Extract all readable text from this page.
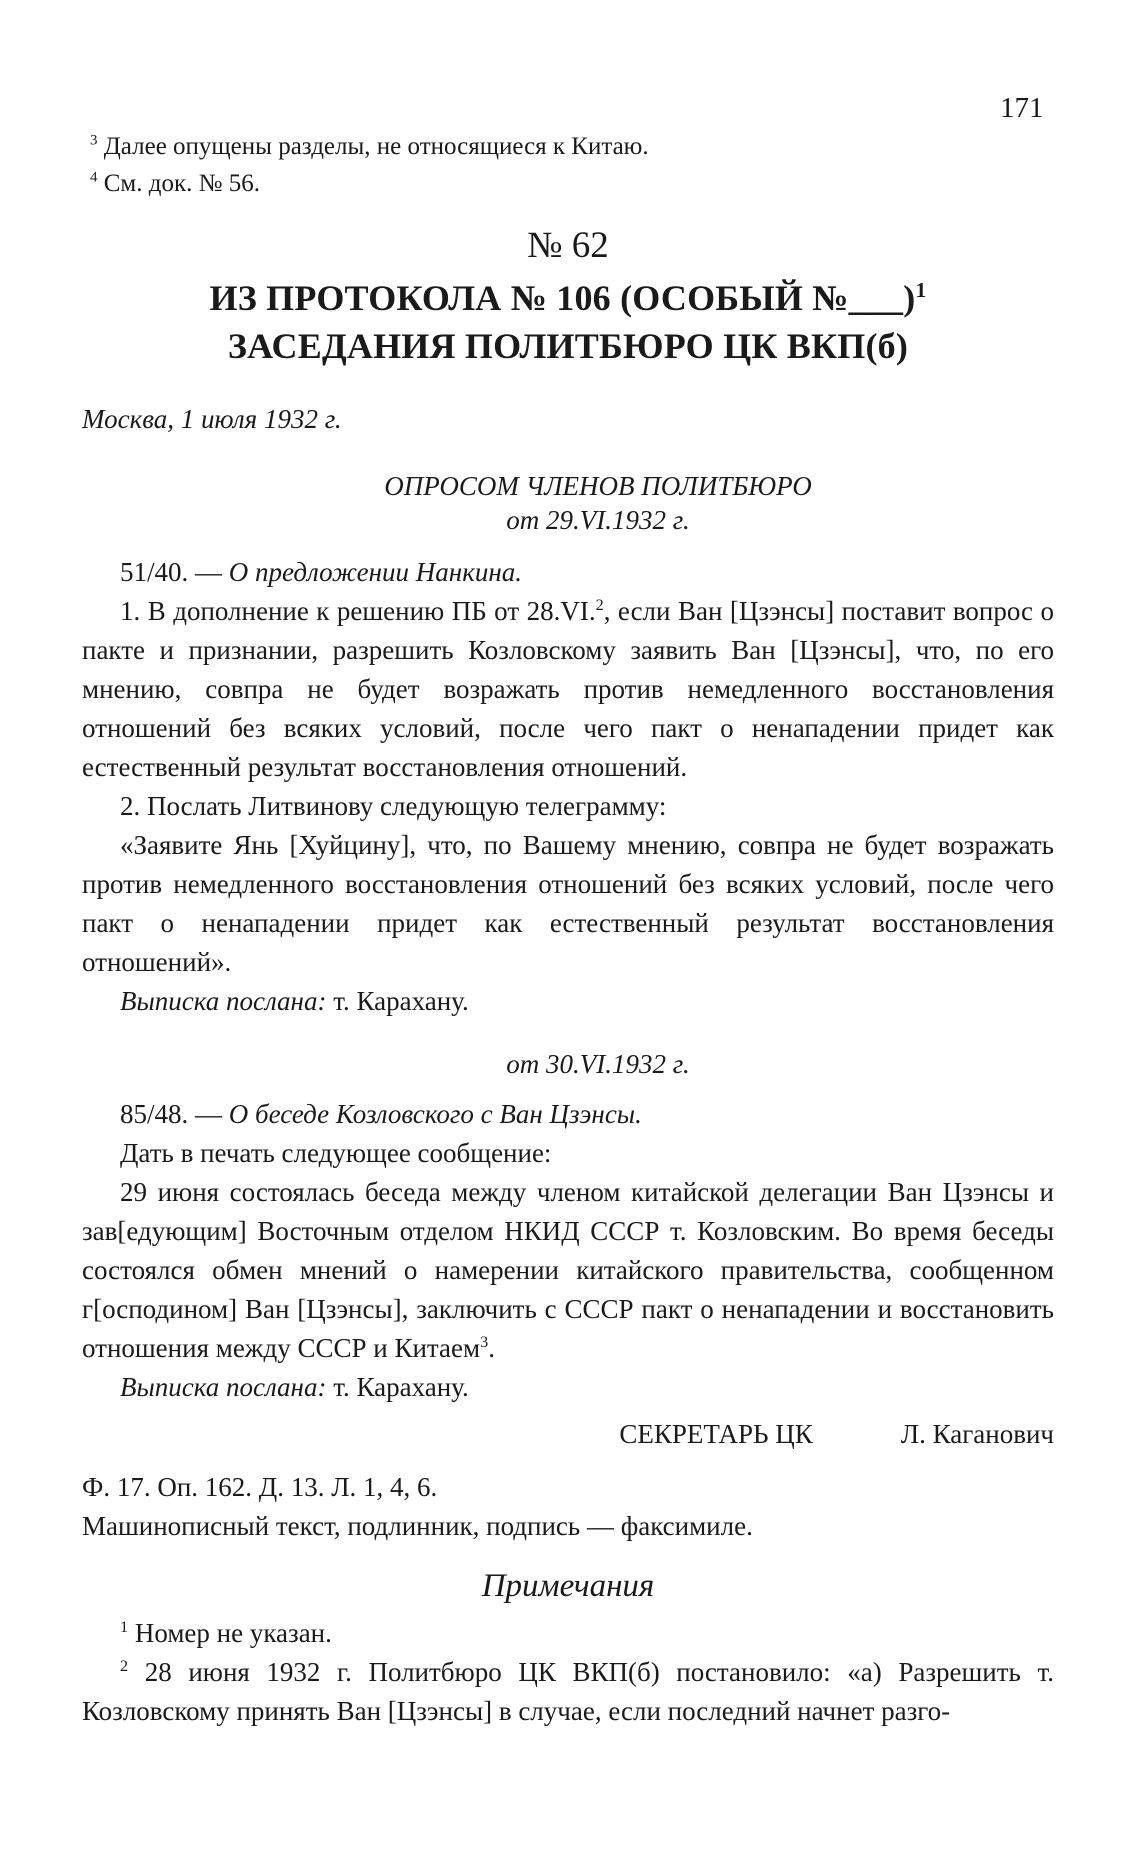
171

$^3$ Далее опущены разделы, не относящиеся к Китаю.

$^4$ См. док. № 56.

№ 62

ИЗ ПРОТОКОЛА № 106 (ОСОБЫЙ №___)$^1$
ЗАСЕДАНИЯ ПОЛИТБЮРО ЦК ВКП(б)

Москва, 1 июля 1932 г.

ОПРОСОМ ЧЛЕНОВ ПОЛИТБЮРО

от 29.VI.1932 г.

51/40. — О предложении Нанкина.

1. В дополнение к решению ПБ от 28.VI.$^2$, если Ван [Цзэнсы] поставит вопрос о пакте и признании, разрешить Козловскому заявить Ван [Цзэнсы], что, по его мнению, совпра не будет возражать против немедленного восстановления отношений без всяких условий, после чего пакт о ненападении придет как естественный результат восстановления отношений.

2. Послать Литвинову следующую телеграмму:

«Заявите Янь [Хуйцину], что, по Вашему мнению, совпра не будет возражать против немедленного восстановления отношений без всяких условий, после чего пакт о ненападении придет как естественный результат восстановления отношений».

Выписка послана: т. Карахану.

от 30.VI.1932 г.

85/48. — О беседе Козловского с Ван Цзэнсы.

Дать в печать следующее сообщение:

29 июня состоялась беседа между членом китайской делегации Ван Цзэнсы и зав[едующим] Восточным отделом НКИД СССР т. Козловским. Во время беседы состоялся обмен мнений о намерении китайского правительства, сообщенном г[осподином] Ван [Цзэнсы], заключить с СССР пакт о ненападении и восстановить отношения между СССР и Китаем$^3$.

Выписка послана: т. Карахану.

СЕКРЕТАРЬ ЦК	Л. Каганович

Ф. 17. Оп. 162. Д. 13. Л. 1, 4, 6.

Машинописный текст, подлинник, подпись — факсимиле.

Примечания

$^1$ Номер не указан.

$^2$ 28 июня 1932 г. Политбюро ЦК ВКП(б) постановило: «а) Разрешить т. Козловскому принять Ван [Цзэнсы] в случае, если последний начнет разго-
